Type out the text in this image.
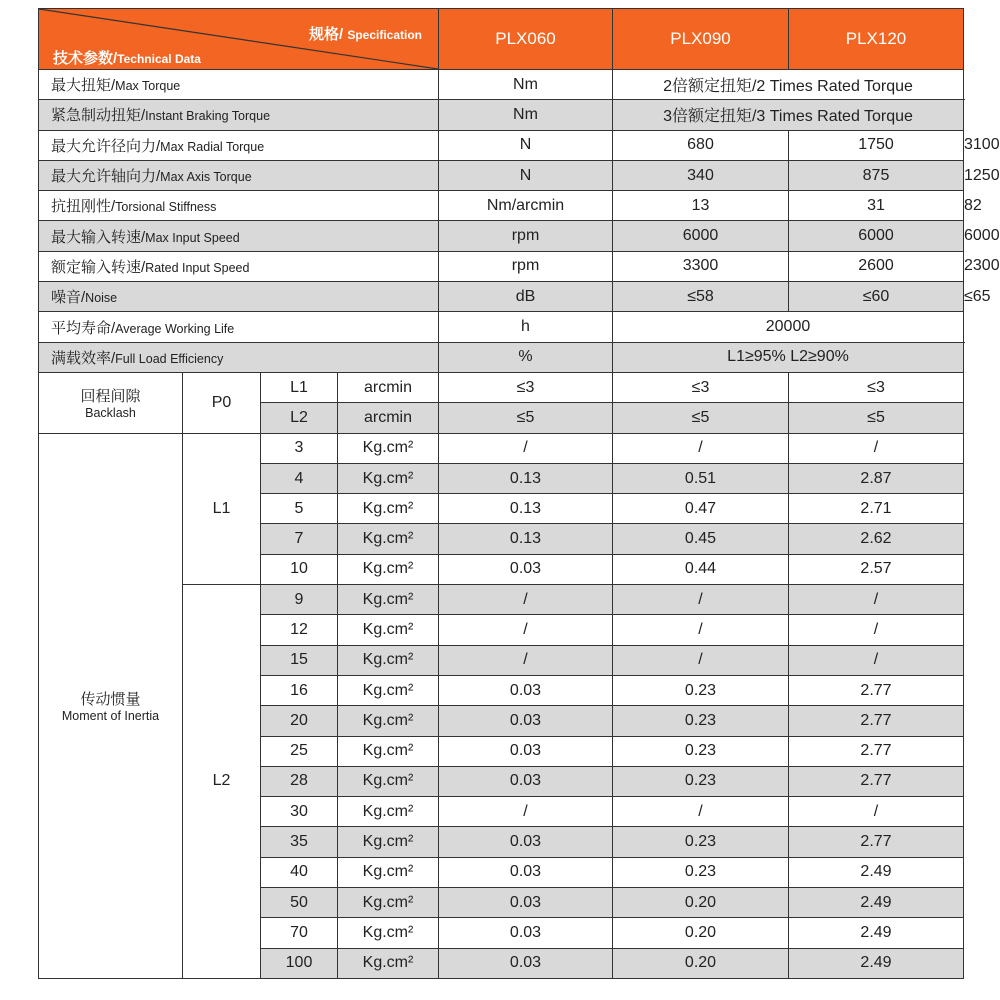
规格/ Specification
技术参数/Technical Data				PLX060	PLX090	PLX120	
最大扭矩/Max Torque				Nm	2倍额定扭矩/2 Times Rated Torque		
紧急制动扭矩/Instant Braking Torque				Nm	3倍额定扭矩/3 Times Rated Torque		
最大允许径向力/Max Radial Torque				N	680	1750	3100
最大允许轴向力/Max Axis Torque				N	340	875	1250
抗扭刚性/Torsional Stiffness				Nm/arcmin	13	31	82
最大输入转速/Max Input Speed				rpm	6000	6000	6000
额定输入转速/Rated Input Speed				rpm	3300	2600	2300
噪音/Noise				dB	≤58	≤60	≤65
平均寿命/Average Working Life				h	20000		
满载效率/Full Load Efficiency				%	L1≥95% L2≥90%		
回程间隙
Backlash	P0	L1	arcmin	≤3	≤3	≤3	
		L2	arcmin	≤5	≤5	≤5	
传动惯量
Moment of Inertia	L1	3	Kg.cm²	/	/	/	
		4	Kg.cm²	0.13	0.51	2.87	
		5	Kg.cm²	0.13	0.47	2.71	
		7	Kg.cm²	0.13	0.45	2.62	
		10	Kg.cm²	0.03	0.44	2.57	
	L2	9	Kg.cm²	/	/	/	
		12	Kg.cm²	/	/	/	
		15	Kg.cm²	/	/	/	
		16	Kg.cm²	0.03	0.23	2.77	
		20	Kg.cm²	0.03	0.23	2.77	
		25	Kg.cm²	0.03	0.23	2.77	
		28	Kg.cm²	0.03	0.23	2.77	
		30	Kg.cm²	/	/	/	
		35	Kg.cm²	0.03	0.23	2.77	
		40	Kg.cm²	0.03	0.23	2.49	
		50	Kg.cm²	0.03	0.20	2.49	
		70	Kg.cm²	0.03	0.20	2.49	
		100	Kg.cm²	0.03	0.20	2.49	
